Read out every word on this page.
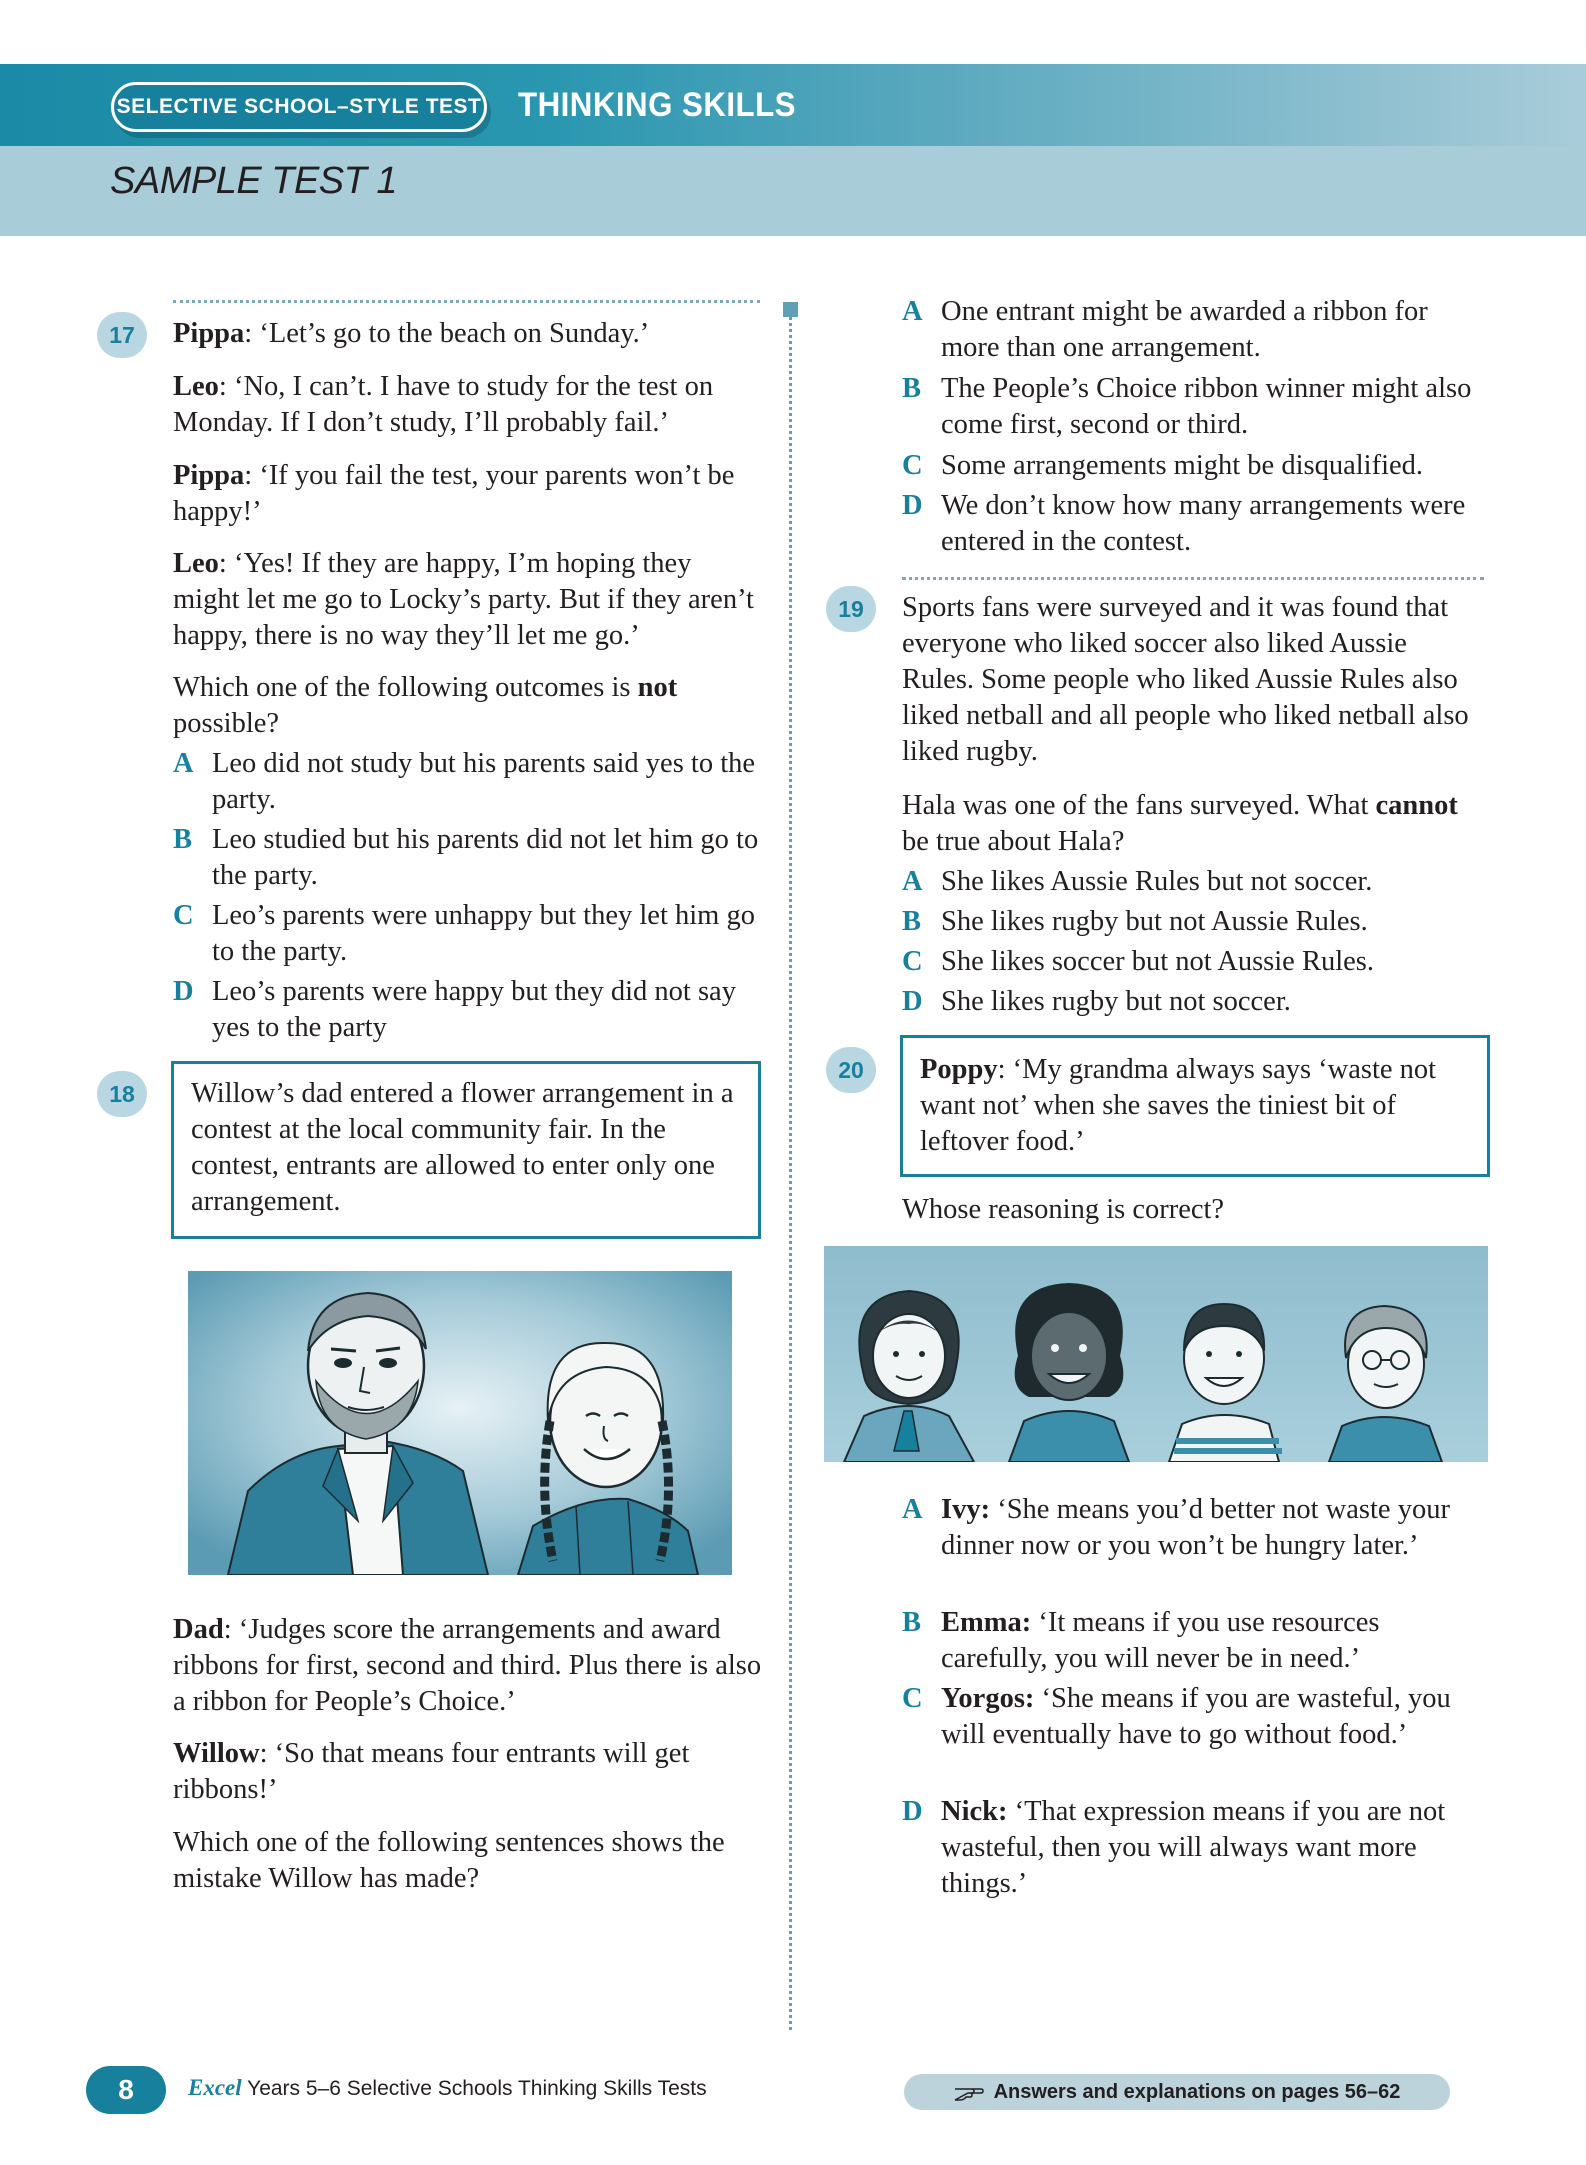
SELECTIVE SCHOOL–STYLE TEST THINKING SKILLS
SAMPLE TEST 1
17	Pippa: ‘Let’s go to the beach on Sunday.’
Leo: ‘No, I can’t. I have to study for the test on Monday. If I don’t study, I’ll probably fail.’
Pippa: ‘If you fail the test, your parents won’t be happy!’
Leo: ‘Yes! If they are happy, I’m hoping they might let me go to Locky’s party. But if they aren’t happy, there is no way they’ll let me go.’
Which one of the following outcomes is not possible?
A Leo did not study but his parents said yes to the party.
B Leo studied but his parents did not let him go to the party.
C Leo’s parents were unhappy but they let him go to the party.
D Leo’s parents were happy but they did not say yes to the party
18	Willow’s dad entered a flower arrangement in a contest at the local community fair. In the contest, entrants are allowed to enter only one arrangement.
Dad: ‘Judges score the arrangements and award ribbons for first, second and third. Plus there is also a ribbon for People’s Choice.’
Willow: ‘So that means four entrants will get ribbons!’
Which one of the following sentences shows the mistake Willow has made?
A One entrant might be awarded a ribbon for more than one arrangement.
B The People’s Choice ribbon winner might also come first, second or third.
C Some arrangements might be disqualified.
D We don’t know how many arrangements were entered in the contest.
19	Sports fans were surveyed and it was found that everyone who liked soccer also liked Aussie Rules. Some people who liked Aussie Rules also liked netball and all people who liked netball also liked rugby.
Hala was one of the fans surveyed. What cannot be true about Hala?
A She likes Aussie Rules but not soccer.
B She likes rugby but not Aussie Rules.
C She likes soccer but not Aussie Rules.
D She likes rugby but not soccer.
20	Poppy: ‘My grandma always says ‘waste not want not’ when she saves the tiniest bit of leftover food.’
Whose reasoning is correct?
A Ivy: ‘She means you’d better not waste your dinner now or you won’t be hungry later.’
B Emma: ‘It means if you use resources carefully, you will never be in need.’
C Yorgos: ‘She means if you are wasteful, you will eventually have to go without food.’
D Nick: ‘That expression means if you are not wasteful, then you will always want more things.’
8	Excel Years 5–6 Selective Schools Thinking Skills Tests	Answers and explanations on pages 56–62
